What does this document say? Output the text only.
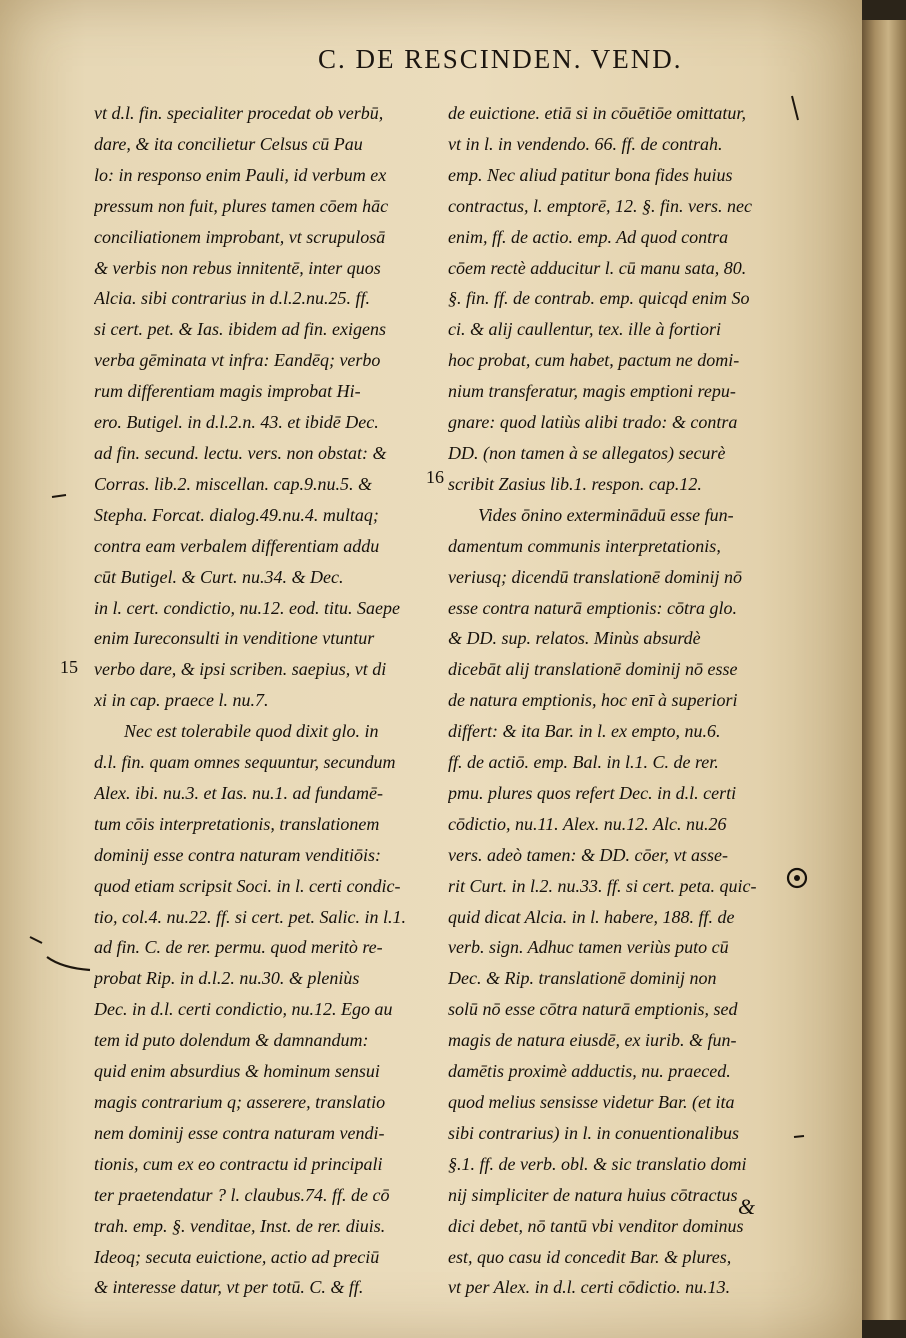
C. DE RESCINDEN. VEND.
vt d.l. fin. specialiter procedat ob verbū,
dare, & ita concilietur Celsus cū Pau
lo: in responso enim Pauli, id verbum ex
pressum non fuit, plures tamen cōem hāc
conciliationem improbant, vt scrupulosā
& verbis non rebus innitentē, inter quos
Alcia. sibi contrarius in d.l.2.nu.25. ff.
si cert. pet. & Ias. ibidem ad fin. exigens
verba gēminata vt infra: Eandēq; verbo
rum differentiam magis improbat Hi-
ero. Butigel. in d.l.2.n. 43. et ibidē Dec.
ad fin. secund. lectu. vers. non obstat: &
Corras. lib.2. miscellan. cap.9.nu.5. &
Stepha. Forcat. dialog.49.nu.4. multaq;
contra eam verbalem differentiam addu
cūt Butigel. & Curt. nu.34. & Dec.
in l. cert. condictio, nu.12. eod. titu. Saepe
enim Iureconsulti in venditione vtuntur
verbo dare, & ipsi scriben. saepius, vt di
xi in cap. praece l. nu.7.
Nec est tolerabile quod dixit glo. in
d.l. fin. quam omnes sequuntur, secundum
Alex. ibi. nu.3. et Ias. nu.1. ad fundamē-
tum cōis interpretationis, translationem
dominij esse contra naturam venditiōis:
quod etiam scripsit Soci. in l. certi condic-
tio, col.4. nu.22. ff. si cert. pet. Salic. in l.1.
ad fin. C. de rer. permu. quod meritò re-
probat Rip. in d.l.2. nu.30. & pleniùs
Dec. in d.l. certi condictio, nu.12. Ego au
tem id puto dolendum & damnandum:
quid enim absurdius & hominum sensui
magis contrarium q; asserere, translatio
nem dominij esse contra naturam vendi-
tionis, cum ex eo contractu id principali
ter praetendatur ? l. claubus.74. ff. de cō
trah. emp. §. venditae, Inst. de rer. diuis.
Ideoq; secuta euictione, actio ad preciū
& interesse datur, vt per totū. C. & ff.
de euictione. etiā si in cōuētiōe omittatur,
vt in l. in vendendo. 66. ff. de contrah.
emp. Nec aliud patitur bona fides huius
contractus, l. emptorē, 12. §. fin. vers. nec
enim, ff. de actio. emp. Ad quod contra
cōem rectè adducitur l. cū manu sata, 80.
§. fin. ff. de contrab. emp. quicqd enim So
ci. & alij caullentur, tex. ille à fortiori
hoc probat, cum habet, pactum ne domi-
nium transferatur, magis emptioni repu-
gnare: quod latiùs alibi trado: & contra
DD. (non tamen à se allegatos) securè
scribit Zasius lib.1. respon. cap.12.
Vides ōnino extermināduū esse fun-
damentum communis interpretationis,
veriusq; dicendū translationē dominij nō
esse contra naturā emptionis: cōtra glo.
& DD. sup. relatos. Minùs absurdè
dicebāt alij translationē dominij nō esse
de natura emptionis, hoc enī à superiori
differt: & ita Bar. in l. ex empto, nu.6.
ff. de actiō. emp. Bal. in l.1. C. de rer.
pmu. plures quos refert Dec. in d.l. certi
cōdictio, nu.11. Alex. nu.12. Alc. nu.26
vers. adeò tamen: & DD. cōer, vt asse-
rit Curt. in l.2. nu.33. ff. si cert. peta. quic-
quid dicat Alcia. in l. habere, 188. ff. de
verb. sign. Adhuc tamen veriùs puto cū
Dec. & Rip. translationē dominij non
solū nō esse cōtra naturā emptionis, sed
magis de natura eiusdē, ex iurib. & fun-
damētis proximè adductis, nu. praeced.
quod melius sensisse videtur Bar. (et ita
sibi contrarius) in l. in conuentionalibus
§.1. ff. de verb. obl. & sic translatio domi
nij simpliciter de natura huius cōtractus
dici debet, nō tantū vbi venditor dominus
est, quo casu id concedit Bar. & plures,
vt per Alex. in d.l. certi cōdictio. nu.13.
15
16
&
